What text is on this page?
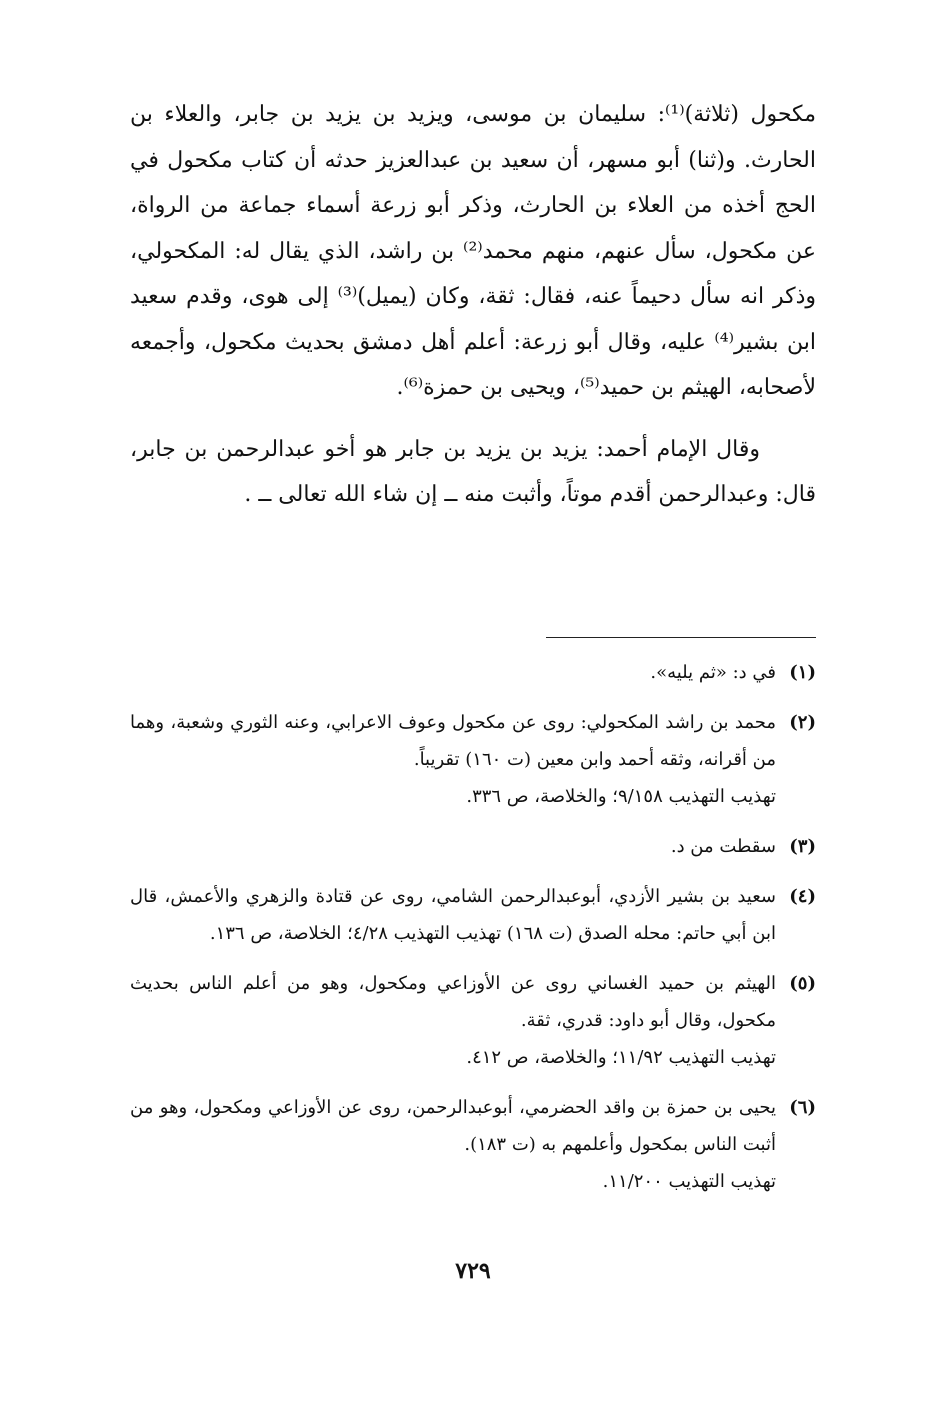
مكحول (ثلاثة)⁽¹⁾: سليمان بن موسى، ويزيد بن يزيد بن جابر، والعلاء بن الحارث. و(ثنا) أبو مسهر، أن سعيد بن عبدالعزيز حدثه أن كتاب مكحول في الحج أخذه من العلاء بن الحارث، وذكر أبو زرعة أسماء جماعة من الرواة، عن مكحول، سأل عنهم، منهم محمد⁽²⁾ بن راشد، الذي يقال له: المكحولي، وذكر انه سأل دحيماً عنه، فقال: ثقة، وكان (يميل)⁽³⁾ إلى هوى، وقدم سعيد ابن بشير⁽⁴⁾ عليه، وقال أبو زرعة: أعلم أهل دمشق بحديث مكحول، وأجمعه لأصحابه، الهيثم بن حميد⁽⁵⁾، ويحيى بن حمزة⁽⁶⁾.

وقال الإمام أحمد: يزيد بن يزيد بن جابر هو أخو عبدالرحمن بن جابر، قال: وعبدالرحمن أقدم موتاً، وأثبت منه ــ إن شاء الله تعالى ــ .

(١)
في د: «ثم يليه».
(٢)
محمد بن راشد المكحولي: روى عن مكحول وعوف الاعرابي، وعنه الثوري وشعبة، وهما من أقرانه، وثقه أحمد وابن معين (ت ١٦٠) تقريباً.
تهذيب التهذيب ٩/١٥٨؛ والخلاصة، ص ٣٣٦.
(٣)
سقطت من د.
(٤)
سعيد بن بشير الأزدي، أبوعبدالرحمن الشامي، روى عن قتادة والزهري والأعمش، قال ابن أبي حاتم: محله الصدق (ت ١٦٨) تهذيب التهذيب ٤/٢٨؛ الخلاصة، ص ١٣٦.
(٥)
الهيثم بن حميد الغساني روى عن الأوزاعي ومكحول، وهو من أعلم الناس بحديث مكحول، وقال أبو داود: قدري، ثقة.
تهذيب التهذيب ١١/٩٢؛ والخلاصة، ص ٤١٢.
(٦)
يحيى بن حمزة بن واقد الحضرمي، أبوعبدالرحمن، روى عن الأوزاعي ومكحول، وهو من أثبت الناس بمكحول وأعلمهم به (ت ١٨٣).
تهذيب التهذيب ١١/٢٠٠.
٧٢٩
